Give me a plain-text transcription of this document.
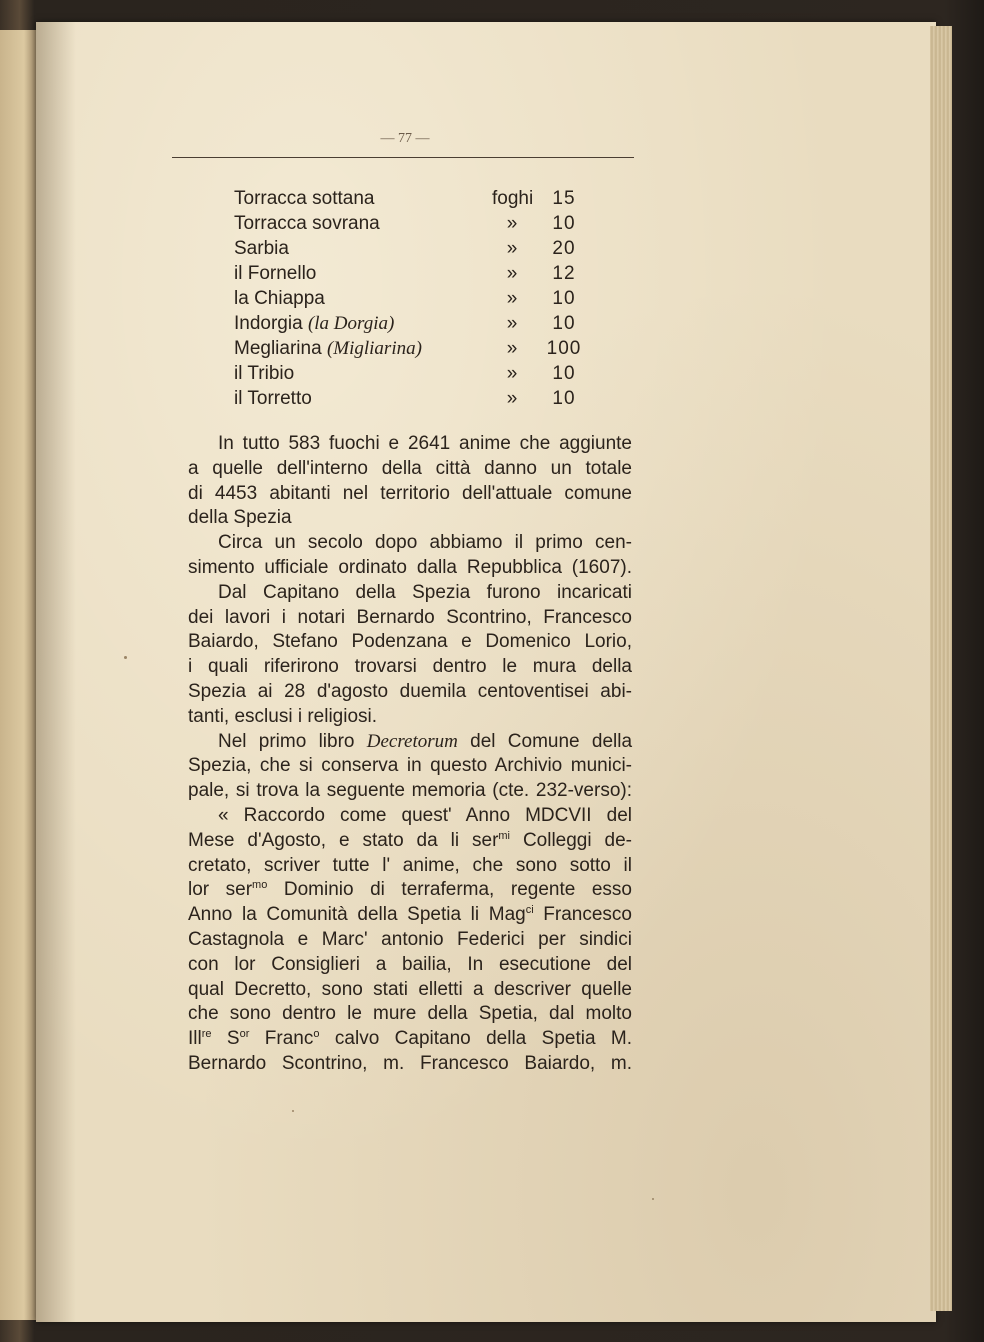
— 77 —
Torracca sottana	foghi	15
Torracca sovrana	»	10
Sarbia	»	20
il Fornello	»	12
la Chiappa	»	10
Indorgia (la Dorgia)	»	10
Megliarina (Migliarina)	»	100
il Tribio	»	10
il Torretto	»	10
In tutto 583 fuochi e 2641 anime che aggiunte
a quelle dell'interno della città danno un totale
di 4453 abitanti nel territorio dell'attuale comune
della Spezia
Circa un secolo dopo abbiamo il primo cen-
simento ufficiale ordinato dalla Repubblica (1607).
Dal Capitano della Spezia furono incaricati
dei lavori i notari Bernardo Scontrino, Francesco
Baiardo, Stefano Podenzana e Domenico Lorio,
i quali riferirono trovarsi dentro le mura della
Spezia ai 28 d'agosto duemila centoventisei abi-
tanti, esclusi i religiosi.
Nel primo libro Decretorum del Comune della
Spezia, che si conserva in questo Archivio munici-
pale, si trova la seguente memoria (cte. 232-verso):
« Raccordo come quest' Anno MDCVII del
Mese d'Agosto, e stato da li ser$^{mi}$ Colleggi de-
cretato, scriver tutte l' anime, che sono sotto il
lor ser$^{mo}$ Dominio di terraferma, regente esso
Anno la Comunità della Spetia li Mag$^{ci}$ Francesco
Castagnola e Marc' antonio Federici per sindici
con lor Consiglieri a bailia, In esecutione del
qual Decretto, sono stati elletti a descriver quelle
che sono dentro le mure della Spetia, dal molto
Ill$^{re}$ $S^{or}$ Franc$^o$ calvo Capitano della Spetia M.
Bernardo Scontrino, m. Francesco Baiardo, m.
